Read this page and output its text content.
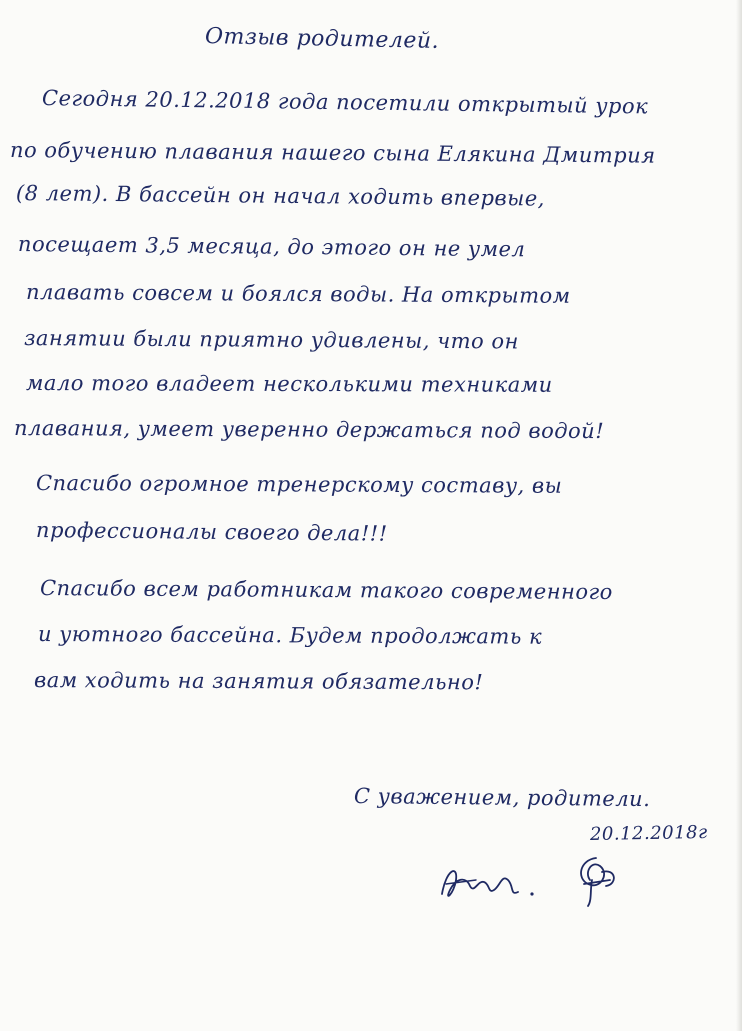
Отзыв родителей.
Сегодня 20.12.2018 года посетили открытый урок
по обучению плавания нашего сына Елякина Дмитрия
(8 лет). В бассейн он начал ходить впервые,
посещает 3,5 месяца, до этого он не умел
плавать совсем и боялся воды. На открытом
занятии были приятно удивлены, что он
мало того владеет несколькими техниками
плавания, умеет уверенно держаться под водой!
Спасибо огромное тренерскому составу, вы
профессионалы своего дела!!!
Спасибо всем работникам такого современного
и уютного бассейна. Будем продолжать к
вам ходить на занятия обязательно!
С уважением, родители.
20.12.2018г
